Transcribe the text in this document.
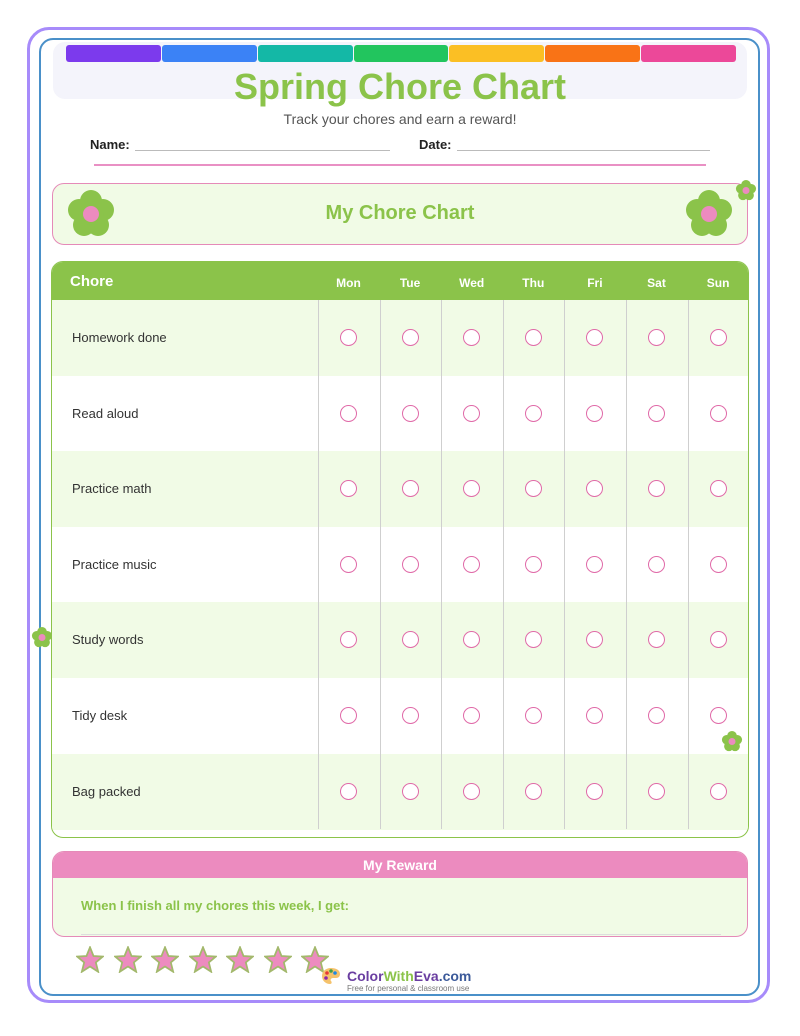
Spring Chore Chart
Track your chores and earn a reward!
Name:	Date:
My Chore Chart
Chore	Mon	Tue	Wed	Thu	Fri	Sat	Sun
Homework done
Read aloud
Practice math
Practice music
Study words
Tidy desk
Bag packed
My Reward
When I finish all my chores this week, I get:
ColorWithEva.com
Free for personal & classroom use
